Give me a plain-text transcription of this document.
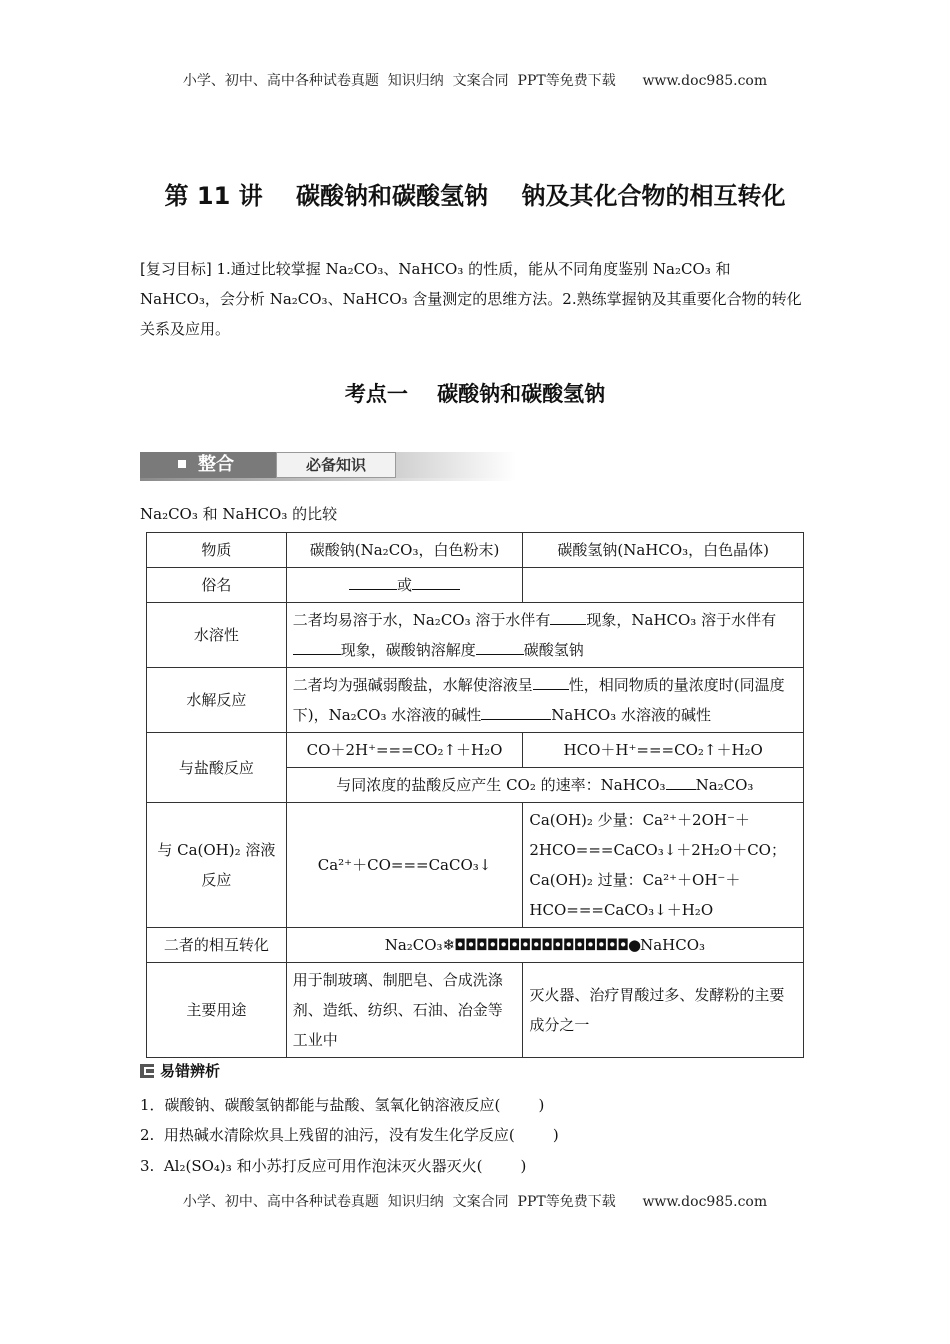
小学、初中、高中各种试卷真题  知识归纳  文案合同  PPT等免费下载      www.doc985.com
第 11 讲    碳酸钠和碳酸氢钠    钠及其化合物的相互转化
[复习目标] 1.通过比较掌握 Na₂CO₃、NaHCO₃ 的性质，能从不同角度鉴别 Na₂CO₃ 和 NaHCO₃，会分析 Na₂CO₃、NaHCO₃ 含量测定的思维方法。2.熟练掌握钠及其重要化合物的转化关系及应用。
考点一    碳酸钠和碳酸氢钠
整合	必备知识
Na₂CO₃ 和 NaHCO₃ 的比较
物质	碳酸钠(Na₂CO₃，白色粉末)	碳酸氢钠(NaHCO₃，白色晶体)
俗名	或	
水溶性	二者均易溶于水，Na₂CO₃ 溶于水伴有 现象，NaHCO₃ 溶于水伴有现象，碳酸钠溶解度 碳酸氢钠	
水解反应	二者均为强碱弱酸盐，水解使溶液呈 性，相同物质的量浓度时(同温度下)，Na₂CO₃ 水溶液的碱性 NaHCO₃ 水溶液的碱性	
与盐酸反应	CO＋2H⁺===CO₂↑＋H₂O	HCO＋H⁺===CO₂↑＋H₂O
	与同浓度的盐酸反应产生 CO₂ 的速率：NaHCO₃ Na₂CO₃	
与 Ca(OH)₂ 溶液反应	Ca²⁺＋CO===CaCO₃↓	Ca(OH)₂ 少量：Ca²⁺＋2OH⁻＋
2HCO===CaCO₃↓＋2H₂O＋CO；
Ca(OH)₂ 过量：Ca²⁺＋OH⁻＋
HCO===CaCO₃↓＋H₂O

二者的相互转化	Na₂CO₃❄◘◘◘◘◘◘◘◘◘◘◘◘◘◘◘◘●NaHCO₃	
主要用途	用于制玻璃、制肥皂、合成洗涤剂、造纸、纺织、石油、冶金等工业中	灭火器、治疗胃酸过多、发酵粉的主要成分之一
易错辨析
1．碳酸钠、碳酸氢钠都能与盐酸、氢氧化钠溶液反应(        )
2.  用热碱水清除炊具上残留的油污，没有发生化学反应(        )
3.  Al₂(SO₄)₃ 和小苏打反应可用作泡沫灭火器灭火(        )
小学、初中、高中各种试卷真题  知识归纳  文案合同  PPT等免费下载      www.doc985.com
